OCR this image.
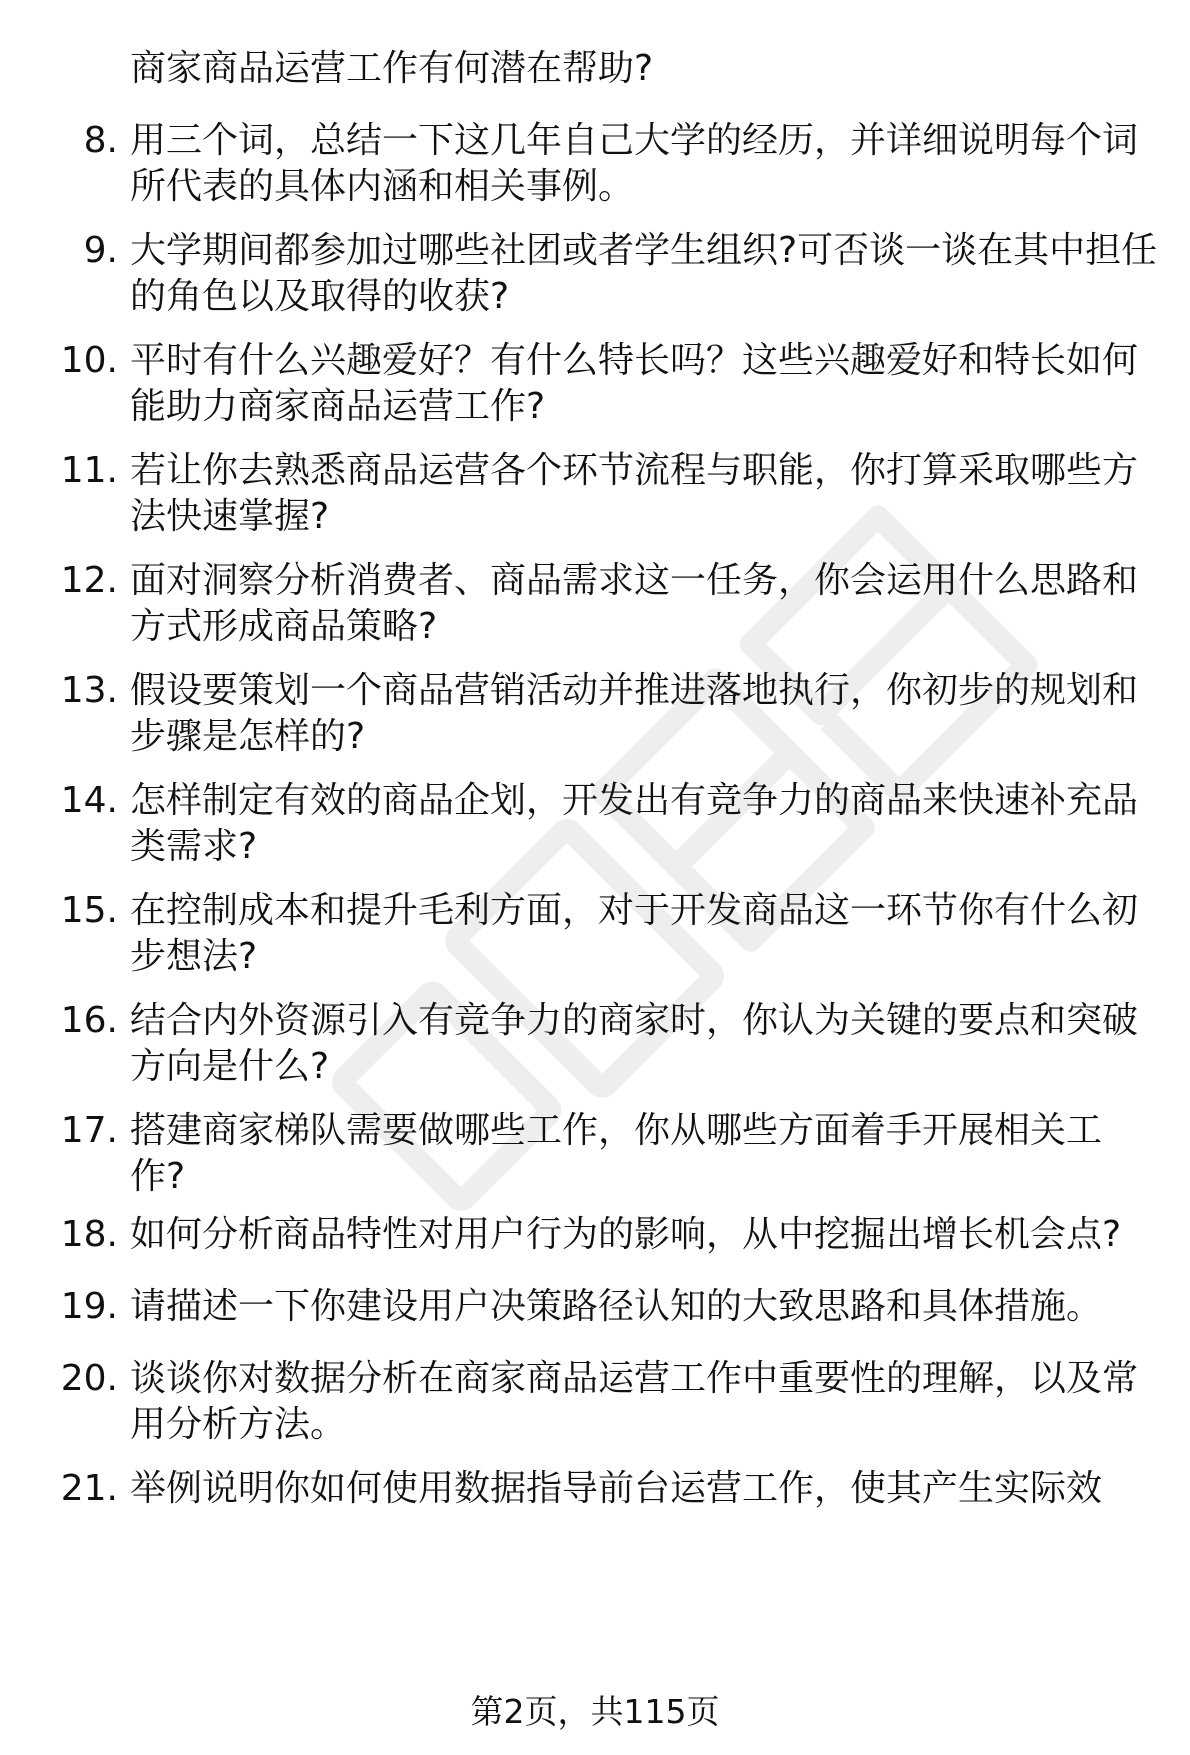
商家商品运营工作有何潜在帮助?
8. 用三个词，总结一下这几年自己大学的经历，并详细说明每个词
所代表的具体内涵和相关事例。
9. 大学期间都参加过哪些社团或者学生组织?可否谈一谈在其中担任
的角色以及取得的收获?
10. 平时有什么兴趣爱好？有什么特长吗？这些兴趣爱好和特长如何
能助力商家商品运营工作?
11. 若让你去熟悉商品运营各个环节流程与职能，你打算采取哪些方
法快速掌握?
12. 面对洞察分析消费者、商品需求这一任务，你会运用什么思路和
方式形成商品策略?
13. 假设要策划一个商品营销活动并推进落地执行，你初步的规划和
步骤是怎样的?
14. 怎样制定有效的商品企划，开发出有竞争力的商品来快速补充品
类需求?
15. 在控制成本和提升毛利方面，对于开发商品这一环节你有什么初
步想法?
16. 结合内外资源引入有竞争力的商家时，你认为关键的要点和突破
方向是什么?
17. 搭建商家梯队需要做哪些工作，你从哪些方面着手开展相关工
作?
18. 如何分析商品特性对用户行为的影响，从中挖掘出增长机会点?
19. 请描述一下你建设用户决策路径认知的大致思路和具体措施。
20. 谈谈你对数据分析在商家商品运营工作中重要性的理解，以及常
用分析方法。
21. 举例说明你如何使用数据指导前台运营工作，使其产生实际效
第2页，共115页
